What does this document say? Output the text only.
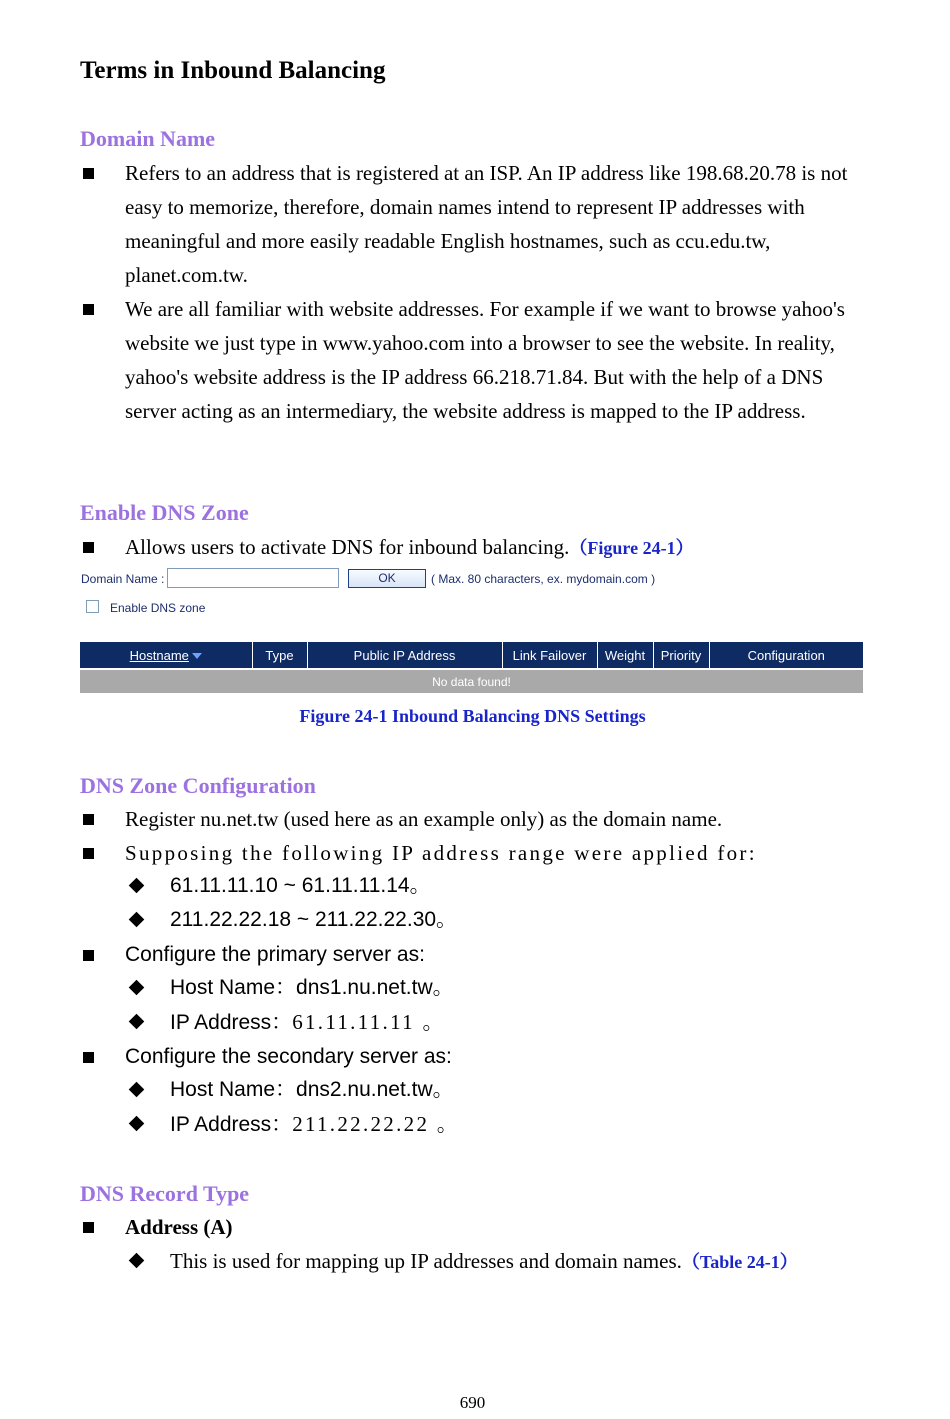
Terms in Inbound Balancing
Domain Name
Refers to an address that is registered at an ISP. An IP address like 198.68.20.78 is not easy to memorize, therefore, domain names intend to represent IP addresses with meaningful and more easily readable English hostnames, such as ccu.edu.tw, planet.com.tw.
We are all familiar with website addresses. For example if we want to browse yahoo's website we just type in www.yahoo.com into a browser to see the website. In reality, yahoo's website address is the IP address 66.218.71.84. But with the help of a DNS server acting as an intermediary, the website address is mapped to the IP address.
Enable DNS Zone
Allows users to activate DNS for inbound balancing.（Figure 24-1）
Domain Name :	OK	( Max. 80 characters, ex. mydomain.com )
Enable DNS zone
Hostname	Type	Public IP Address	Link Failover	Weight	Priority	Configuration
No data found!
Figure 24-1 Inbound Balancing DNS Settings
DNS Zone Configuration
Register nu.net.tw (used here as an example only) as the domain name.
Supposing the following IP address range were applied for:
61.11.11.10 ~ 61.11.11.14。
211.22.22.18 ~ 211.22.22.30。
Configure the primary server as:
Host Name：dns1.nu.net.tw。
IP Address：61.11.11.11 。
Configure the secondary server as:
Host Name：dns2.nu.net.tw。
IP Address：211.22.22.22 。
DNS Record Type
Address (A)
This is used for mapping up IP addresses and domain names.（Table 24-1）
690
